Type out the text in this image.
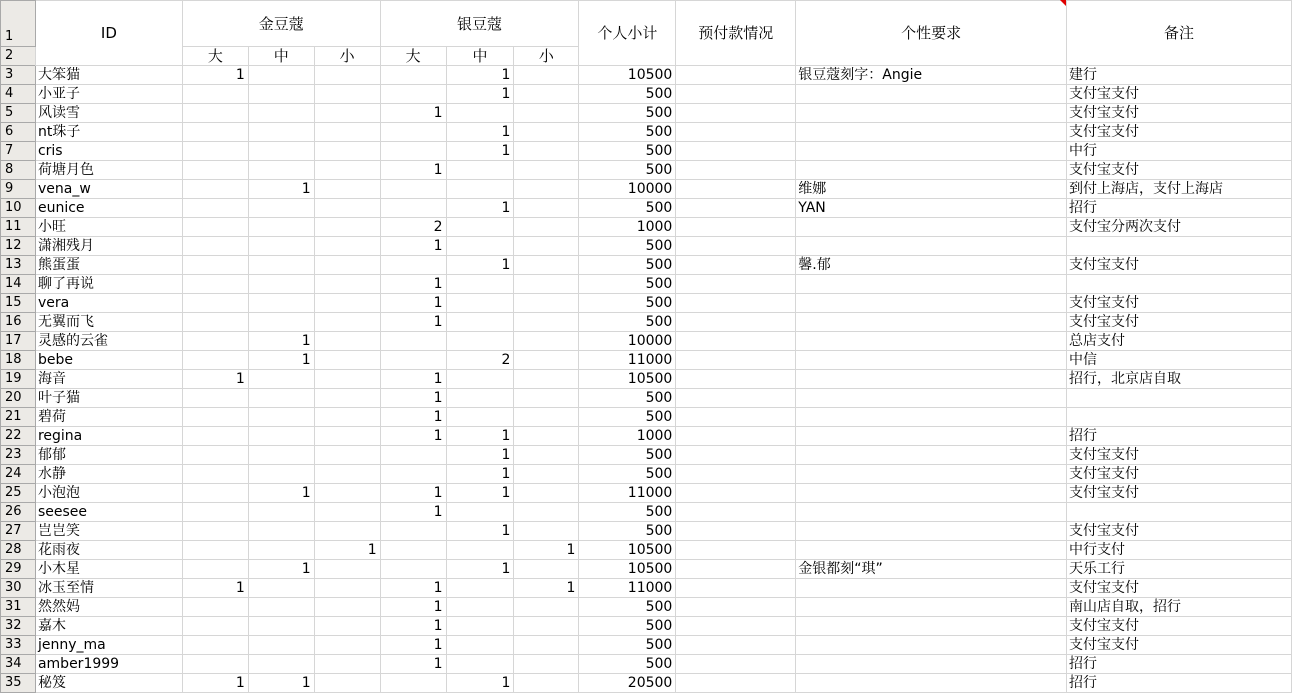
1	ID	金豆蔻			银豆蔻			个人小计	预付款情况	个性要求	备注
2		大	中	小	大	中	小				
3	大笨猫	1				1		10500		银豆蔻刻字：Angie	建行
4	小亚子					1		500			支付宝支付
5	风读雪				1			500			支付宝支付
6	nt珠子					1		500			支付宝支付
7	cris					1		500			中行
8	荷塘月色				1			500			支付宝支付
9	vena_w		1					10000		维娜	到付上海店，支付上海店
10	eunice					1		500		YAN	招行
11	小旺				2			1000			支付宝分两次支付
12	潇湘残月				1			500			
13	熊蛋蛋					1		500		馨.郁	支付宝支付
14	聊了再说				1			500			
15	vera				1			500			支付宝支付
16	无翼而飞				1			500			支付宝支付
17	灵感的云雀		1					10000			总店支付
18	bebe		1			2		11000			中信
19	海音	1			1			10500			招行，北京店自取
20	叶子猫				1			500			
21	碧荷				1			500			
22	regina				1	1		1000			招行
23	郁郁					1		500			支付宝支付
24	水静					1		500			支付宝支付
25	小泡泡		1		1	1		11000			支付宝支付
26	seesee				1			500			
27	岂岂笑					1		500			支付宝支付
28	花雨夜			1			1	10500			中行支付
29	小木星		1			1		10500		金银都刻“琪”	天乐工行
30	冰玉至情	1			1		1	11000			支付宝支付
31	然然妈				1			500			南山店自取，招行
32	嘉木				1			500			支付宝支付
33	jenny_ma				1			500			支付宝支付
34	amber1999				1			500			招行
35	秘笈	1	1			1		20500			招行
